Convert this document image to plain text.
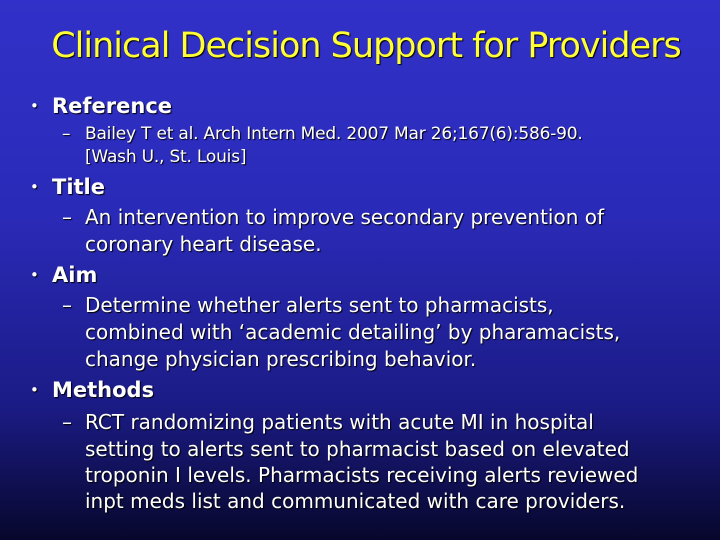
Clinical Decision Support for Providers
• Reference
– Bailey T et al. Arch Intern Med. 2007 Mar 26;167(6):586-90.
[Wash U., St. Louis]
• Title
– An intervention to improve secondary prevention of
coronary heart disease.
• Aim
– Determine whether alerts sent to pharmacists,
combined with ‘academic detailing’ by pharamacists,
change physician prescribing behavior.
• Methods
– RCT randomizing patients with acute MI in hospital
setting to alerts sent to pharmacist based on elevated
troponin I levels. Pharmacists receiving alerts reviewed
inpt meds list and communicated with care providers.
